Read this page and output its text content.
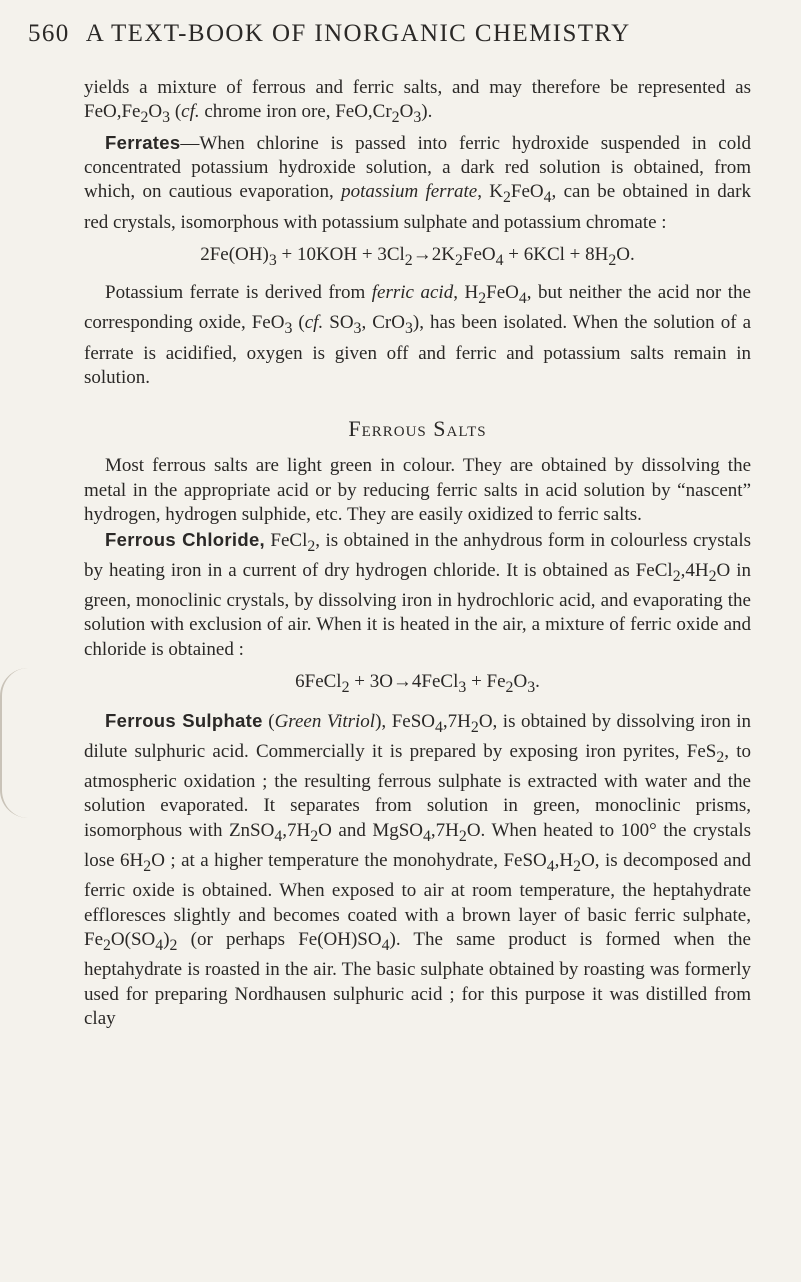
560 A TEXT-BOOK OF INORGANIC CHEMISTRY

yields a mixture of ferrous and ferric salts, and may therefore be represented as $FeO,Fe_2O_3$ (cf. chrome iron ore, $FeO,Cr_2O_3$).

Ferrates—When chlorine is passed into ferric hydroxide suspended in cold concentrated potassium hydroxide solution, a dark red solution is obtained, from which, on cautious evaporation, potassium ferrate, $K_2FeO_4$, can be obtained in dark red crystals, isomorphous with potassium sulphate and potassium chromate :

$2Fe(OH)_3 + 10KOH + 3Cl_2\to 2K_2FeO_4 + 6KCl + 8H_2O$.

Potassium ferrate is derived from ferric acid, $H_2FeO_4$, but neither the acid nor the corresponding oxide, FeO$_3$ (cf. $SO_3$, CrO$_3$), has been isolated. When the solution of a ferrate is acidified, oxygen is given off and ferric and potassium salts remain in solution.

Ferrous Salts

Most ferrous salts are light green in colour. They are obtained by dissolving the metal in the appropriate acid or by reducing ferric salts in acid solution by “nascent” hydrogen, hydrogen sulphide, etc. They are easily oxidized to ferric salts.

Ferrous Chloride, FeCl$_2$, is obtained in the anhydrous form in colourless crystals by heating iron in a current of dry hydrogen chloride. It is obtained as $FeCl_2,4H_2O$ in green, monoclinic crystals, by dissolving iron in hydrochloric acid, and evaporating the solution with exclusion of air. When it is heated in the air, a mixture of ferric oxide and chloride is obtained :

6FeCl$_2$ + 3O→4FeCl$_3$ + $Fe_2O_3$.

Ferrous Sulphate (Green Vitriol), $FeSO_4,7H_2O$, is obtained by dissolving iron in dilute sulphuric acid. Commercially it is prepared by exposing iron pyrites, FeS$_2$, to atmospheric oxidation ; the resulting ferrous sulphate is extracted with water and the solution evaporated. It separates from solution in green, monoclinic prisms, isomorphous with $ZnSO_4,7H_2O$ and $MgSO_4,7H_2O$. When heated to 100° the crystals lose $6H_2O$ ; at a higher temperature the monohydrate, $FeSO_4,H_2O$, is decomposed and ferric oxide is obtained. When exposed to air at room temperature, the heptahydrate effloresces slightly and becomes coated with a brown layer of basic ferric sulphate, $Fe_2O(SO_4)_2$ (or perhaps $Fe(OH)SO_4$). The same product is formed when the heptahydrate is roasted in the air. The basic sulphate obtained by roasting was formerly used for preparing Nordhausen sulphuric acid ; for this purpose it was distilled from clay
